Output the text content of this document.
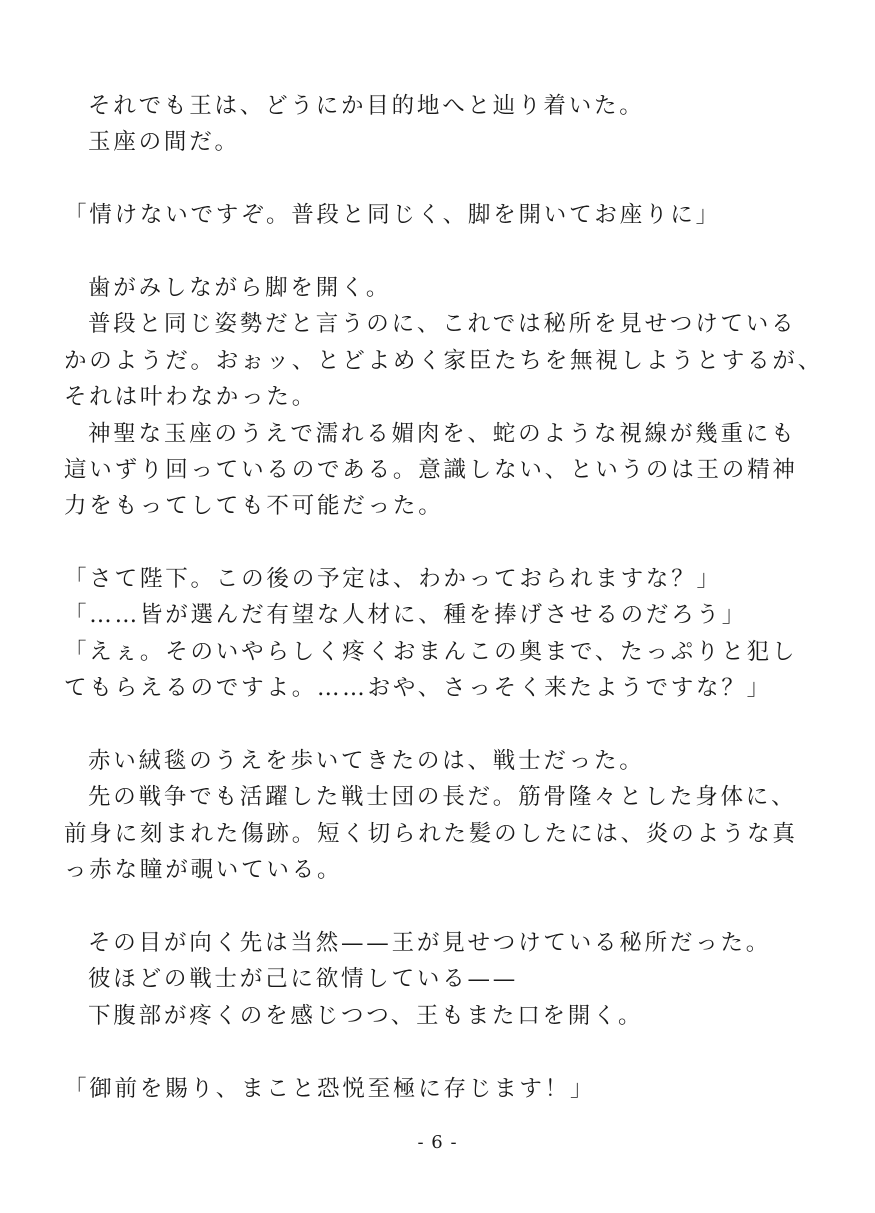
それでも王は、どうにか目的地へと辿り着いた。
玉座の間だ。
「情けないですぞ。普段と同じく、脚を開いてお座りに」
歯がみしながら脚を開く。
普段と同じ姿勢だと言うのに、これでは秘所を見せつけている
かのようだ。おぉッ、とどよめく家臣たちを無視しようとするが、
それは叶わなかった。
神聖な玉座のうえで濡れる媚肉を、蛇のような視線が幾重にも
這いずり回っているのである。意識しない、というのは王の精神
力をもってしても不可能だった。
「さて陛下。この後の予定は、わかっておられますな？」
「……皆が選んだ有望な人材に、種を捧げさせるのだろう」
「えぇ。そのいやらしく疼くおまんこの奥まで、たっぷりと犯し
てもらえるのですよ。……おや、さっそく来たようですな？」
赤い絨毯のうえを歩いてきたのは、戦士だった。
先の戦争でも活躍した戦士団の長だ。筋骨隆々とした身体に、
前身に刻まれた傷跡。短く切られた髪のしたには、炎のような真
っ赤な瞳が覗いている。
その目が向く先は当然——王が見せつけている秘所だった。
彼ほどの戦士が己に欲情している——
下腹部が疼くのを感じつつ、王もまた口を開く。
「御前を賜り、まこと恐悦至極に存じます！」
- 6 -
